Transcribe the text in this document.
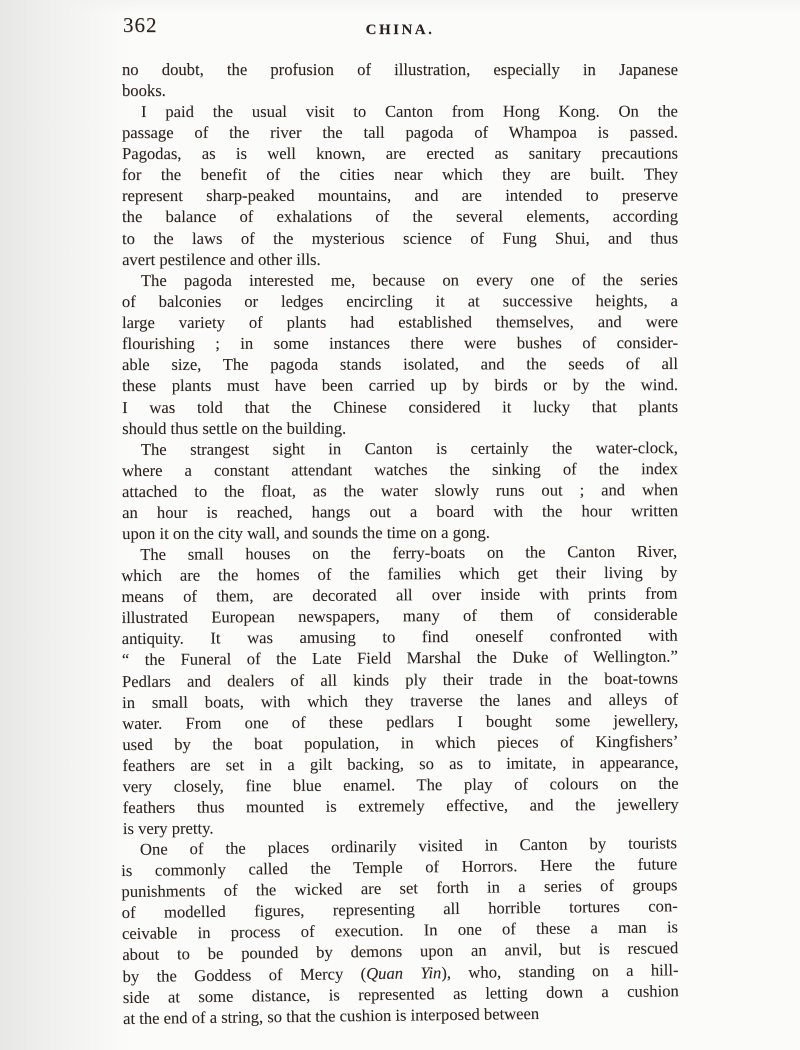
362	CHINA.
no doubt, the profusion of illustration, especially in Japanese
books.
I paid the usual visit to Canton from Hong Kong. On the
passage of the river the tall pagoda of Whampoa is passed.
Pagodas, as is well known, are erected as sanitary precautions
for the benefit of the cities near which they are built. They
represent sharp-peaked mountains, and are intended to preserve
the balance of exhalations of the several elements, according
to the laws of the mysterious science of Fung Shui, and thus
avert pestilence and other ills.
The pagoda interested me, because on every one of the series
of balconies or ledges encircling it at successive heights, a
large variety of plants had established themselves, and were
flourishing ; in some instances there were bushes of consider-
able size, The pagoda stands isolated, and the seeds of all
these plants must have been carried up by birds or by the wind.
I was told that the Chinese considered it lucky that plants
should thus settle on the building.
The strangest sight in Canton is certainly the water-clock,
where a constant attendant watches the sinking of the index
attached to the float, as the water slowly runs out ; and when
an hour is reached, hangs out a board with the hour written
upon it on the city wall, and sounds the time on a gong.
The small houses on the ferry-boats on the Canton River,
which are the homes of the families which get their living by
means of them, are decorated all over inside with prints from
illustrated European newspapers, many of them of considerable
antiquity. It was amusing to find oneself confronted with
“ the Funeral of the Late Field Marshal the Duke of Wellington.”
Pedlars and dealers of all kinds ply their trade in the boat-towns
in small boats, with which they traverse the lanes and alleys of
water. From one of these pedlars I bought some jewellery,
used by the boat population, in which pieces of Kingfishers’
feathers are set in a gilt backing, so as to imitate, in appearance,
very closely, fine blue enamel. The play of colours on the
feathers thus mounted is extremely effective, and the jewellery
is very pretty.
One of the places ordinarily visited in Canton by tourists
is commonly called the Temple of Horrors. Here the future
punishments of the wicked are set forth in a series of groups
of modelled figures, representing all horrible tortures con-
ceivable in process of execution. In one of these a man is
about to be pounded by demons upon an anvil, but is rescued
by the Goddess of Mercy (Quan Yin), who, standing on a hill-
side at some distance, is represented as letting down a cushion
at the end of a string, so that the cushion is interposed between
